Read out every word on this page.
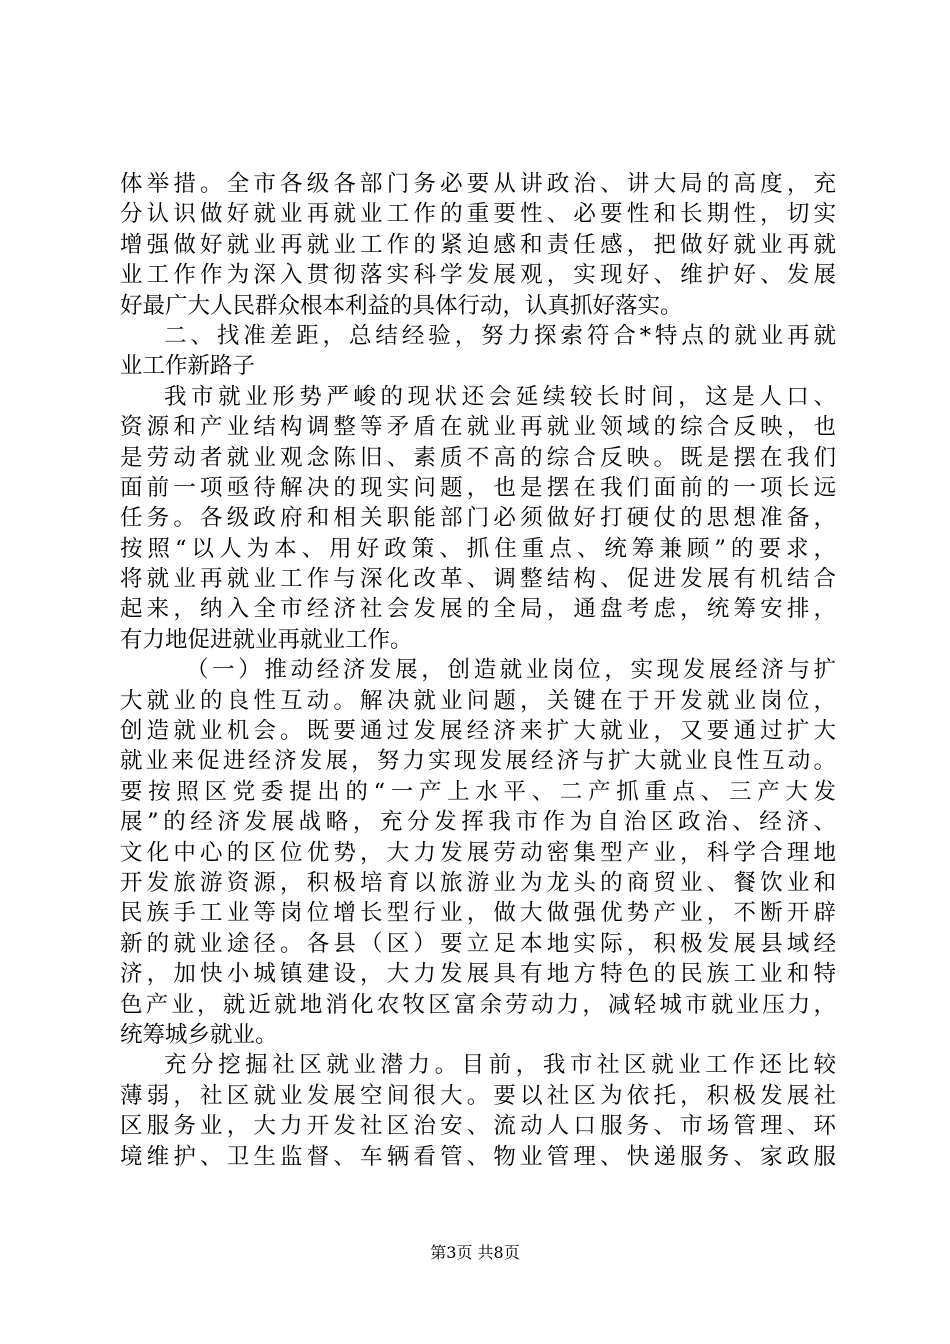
体举措。全市各级各部门务必要从讲政治、讲大局的高度，充
分认识做好就业再就业工作的重要性、必要性和长期性，切实
增强做好就业再就业工作的紧迫感和责任感，把做好就业再就
业工作作为深入贯彻落实科学发展观，实现好、维护好、发展
好最广大人民群众根本利益的具体行动，认真抓好落实。
二、找准差距，总结经验，努力探索符合*特点的就业再就
业工作新路子
我市就业形势严峻的现状还会延续较长时间，这是人口、
资源和产业结构调整等矛盾在就业再就业领域的综合反映，也
是劳动者就业观念陈旧、素质不高的综合反映。既是摆在我们
面前一项亟待解决的现实问题，也是摆在我们面前的一项长远
任务。各级政府和相关职能部门必须做好打硬仗的思想准备，
按照“以人为本、用好政策、抓住重点、统筹兼顾”的要求，
将就业再就业工作与深化改革、调整结构、促进发展有机结合
起来，纳入全市经济社会发展的全局，通盘考虑，统筹安排，
有力地促进就业再就业工作。
（一）推动经济发展，创造就业岗位，实现发展经济与扩
大就业的良性互动。解决就业问题，关键在于开发就业岗位，
创造就业机会。既要通过发展经济来扩大就业，又要通过扩大
就业来促进经济发展，努力实现发展经济与扩大就业良性互动。
要按照区党委提出的“一产上水平、二产抓重点、三产大发
展”的经济发展战略，充分发挥我市作为自治区政治、经济、
文化中心的区位优势，大力发展劳动密集型产业，科学合理地
开发旅游资源，积极培育以旅游业为龙头的商贸业、餐饮业和
民族手工业等岗位增长型行业，做大做强优势产业，不断开辟
新的就业途径。各县（区）要立足本地实际，积极发展县域经
济，加快小城镇建设，大力发展具有地方特色的民族工业和特
色产业，就近就地消化农牧区富余劳动力，减轻城市就业压力，
统筹城乡就业。
充分挖掘社区就业潜力。目前，我市社区就业工作还比较
薄弱，社区就业发展空间很大。要以社区为依托，积极发展社
区服务业，大力开发社区治安、流动人口服务、市场管理、环
境维护、卫生监督、车辆看管、物业管理、快递服务、家政服
第3页 共8页
